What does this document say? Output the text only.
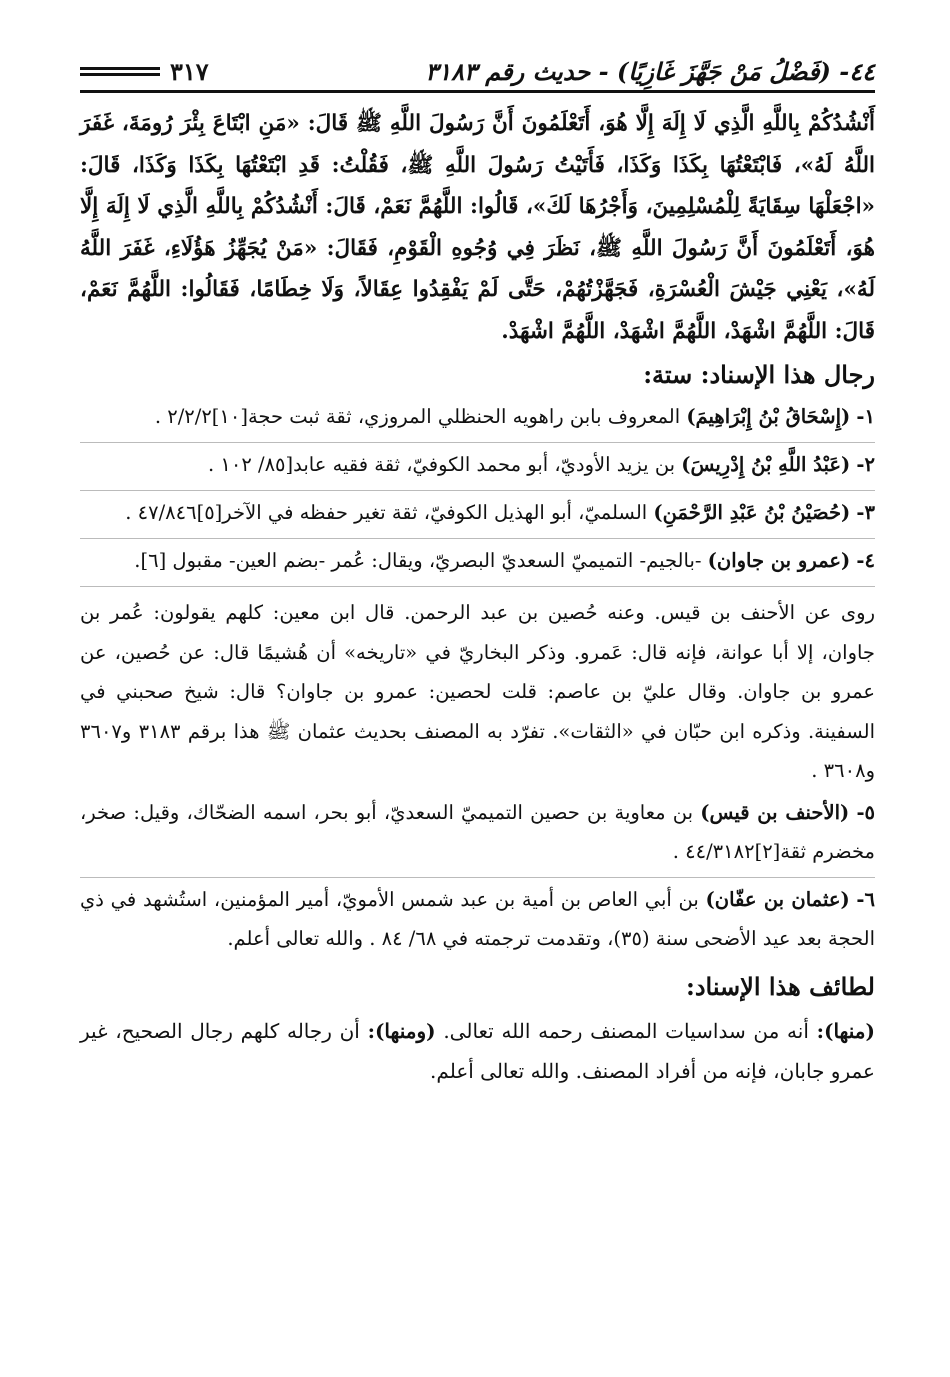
٤٤- (فَضْلُ مَنْ جَهَّزَ غَازِيًا) - حديث رقم ٣١٨٣
٣١٧

أَنْشُدُكُمْ بِاللَّهِ الَّذِي لَا إِلَهَ إِلَّا هُوَ، أَتَعْلَمُونَ أَنَّ رَسُولَ اللَّهِ ﷺ قَالَ: «مَنِ ابْتَاعَ بِئْرَ رُومَةَ، غَفَرَ اللَّهُ لَهُ»، فَابْتَعْتُهَا بِكَذَا وَكَذَا، فَأَتَيْتُ رَسُولَ اللَّهِ ﷺ، فَقُلْتُ: قَدِ ابْتَعْتُهَا بِكَذَا وَكَذَا، قَالَ: «اجْعَلْهَا سِقَايَةً لِلْمُسْلِمِينَ، وَأَجْرُهَا لَكَ»، قَالُوا: اللَّهُمَّ نَعَمْ، قَالَ: أَنْشُدُكُمْ بِاللَّهِ الَّذِي لَا إِلَهَ إِلَّا هُوَ، أَتَعْلَمُونَ أَنَّ رَسُولَ اللَّهِ ﷺ، نَظَرَ فِي وُجُوهِ الْقَوْمِ، فَقَالَ: «مَنْ يُجَهِّزُ هَؤُلَاءِ، غَفَرَ اللَّهُ لَهُ»، يَعْنِي جَيْشَ الْعُسْرَةِ، فَجَهَّزْتُهُمْ، حَتَّى لَمْ يَفْقِدُوا عِقَالاً، وَلَا خِطَامًا، فَقَالُوا: اللَّهُمَّ نَعَمْ، قَالَ: اللَّهُمَّ اشْهَدْ، اللَّهُمَّ اشْهَدْ، اللَّهُمَّ اشْهَدْ.

رجال هذا الإسناد: ستة:

١- (إِسْحَاقُ بْنُ إِبْرَاهِيمَ) المعروف بابن راهويه الحنظلي المروزي، ثقة ثبت حجة[١٠]٢/٢/٢ .

٢- (عَبْدُ اللَّهِ بْنُ إِدْرِيسَ) بن يزيد الأوديّ، أبو محمد الكوفيّ، ثقة فقيه عابد[٨٥/ ١٠٢ .

٣- (حُصَيْنُ بْنُ عَبْدِ الرَّحْمَنِ) السلميّ، أبو الهذيل الكوفيّ، ثقة تغير حفظه في الآخر[٥]٤٧/٨٤٦ .

٤- (عمرو بن جاوان) -بالجيم- التميميّ السعديّ البصريّ، ويقال: عُمر -بضم العين- مقبول [٦].

روى عن الأحنف بن قيس. وعنه حُصين بن عبد الرحمن. قال ابن معين: كلهم يقولون: عُمر بن جاوان، إلا أبا عوانة، فإنه قال: عَمرو. وذكر البخاريّ في «تاريخه» أن هُشيمًا قال: عن حُصين، عن عمرو بن جاوان. وقال عليّ بن عاصم: قلت لحصين: عمرو بن جاوان؟ قال: شيخ صحبني في السفينة. وذكره ابن حبّان في «الثقات». تفرّد به المصنف بحديث عثمان ﷺ هذا برقم ٣١٨٣ و٣٦٠٧ و٣٦٠٨ .

٥- (الأحنف بن قيس) بن معاوية بن حصين التميميّ السعديّ، أبو بحر، اسمه الضحّاك، وقيل: صخر، مخضرم ثقة[٢]٤٤/٣١٨٢ .

٦- (عثمان بن عفّان) بن أبي العاص بن أمية بن عبد شمس الأمويّ، أمير المؤمنين، استُشهد في ذي الحجة بعد عيد الأضحى سنة (٣٥)، وتقدمت ترجمته في ٦٨/ ٨٤ . والله تعالى أعلم.

لطائف هذا الإسناد:

(منها): أنه من سداسيات المصنف رحمه الله تعالى. (ومنها): أن رجاله كلهم رجال الصحيح، غير عمرو جابان، فإنه من أفراد المصنف. والله تعالى أعلم.
